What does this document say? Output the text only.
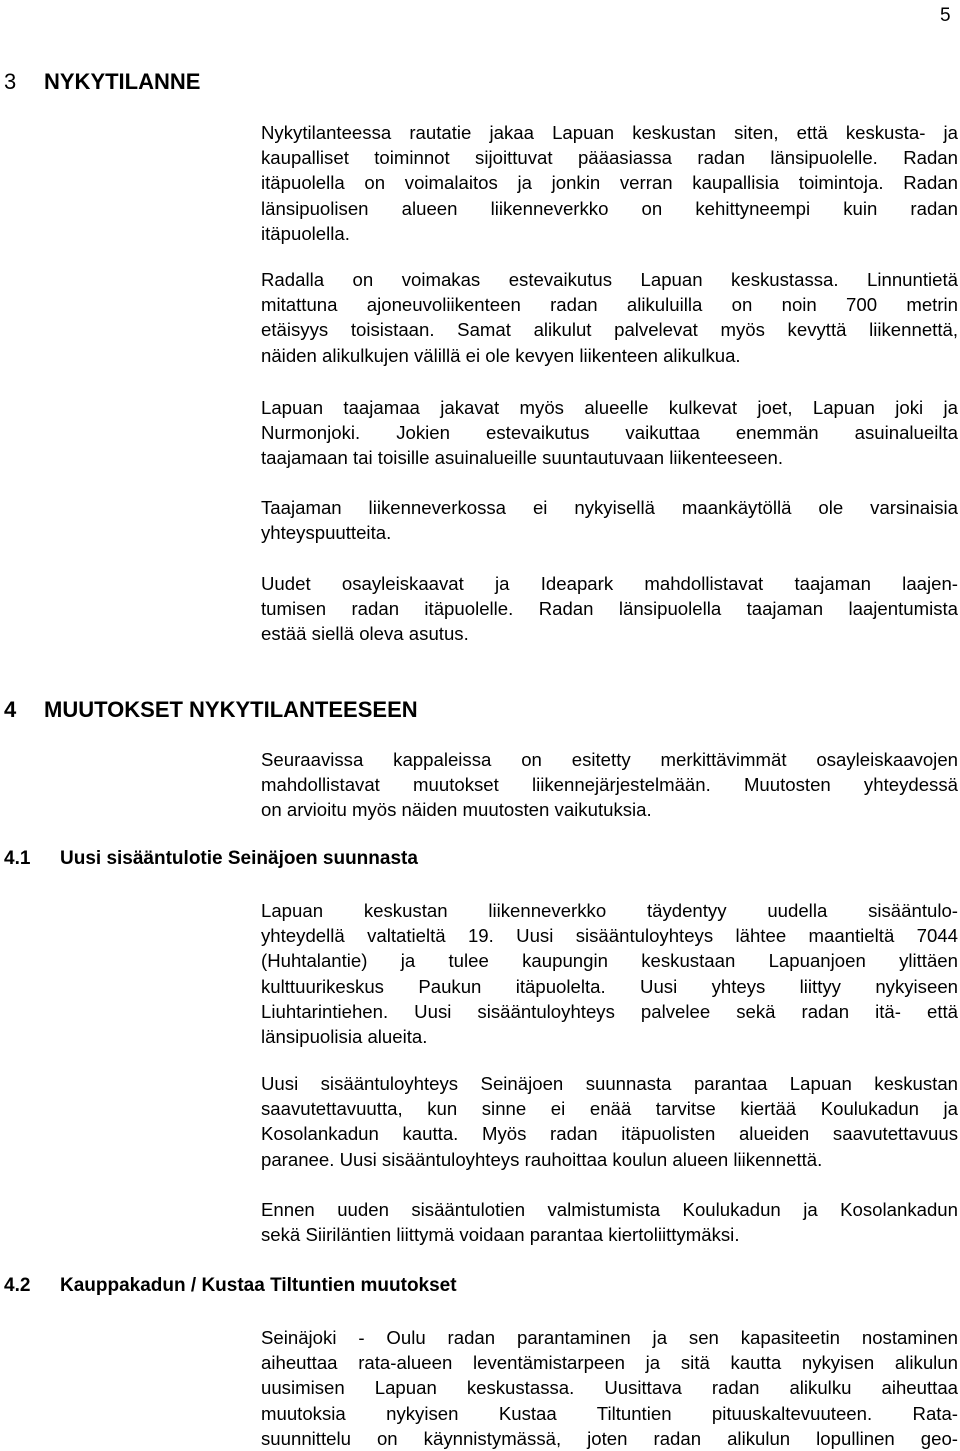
5
3 NYKYTILANNE
Nykytilanteessa rautatie jakaa Lapuan keskustan siten, että keskusta- ja
kaupalliset toiminnot sijoittuvat pääasiassa radan länsipuolelle. Radan
itäpuolella on voimalaitos ja jonkin verran kaupallisia toimintoja. Radan
länsipuolisen alueen liikenneverkko on kehittyneempi kuin radan
itäpuolella.
Radalla on voimakas estevaikutus Lapuan keskustassa. Linnuntietä
mitattuna ajoneuvoliikenteen radan alikuluilla on noin 700 metrin
etäisyys toisistaan. Samat alikulut palvelevat myös kevyttä liikennettä,
näiden alikulkujen välillä ei ole kevyen liikenteen alikulkua.
Lapuan taajamaa jakavat myös alueelle kulkevat joet, Lapuan joki ja
Nurmonjoki. Jokien estevaikutus vaikuttaa enemmän asuinalueilta
taajamaan tai toisille asuinalueille suuntautuvaan liikenteeseen.
Taajaman liikenneverkossa ei nykyisellä maankäytöllä ole varsinaisia
yhteyspuutteita.
Uudet osayleiskaavat ja Ideapark mahdollistavat taajaman laajen-
tumisen radan itäpuolelle. Radan länsipuolella taajaman laajentumista
estää siellä oleva asutus.
4 MUUTOKSET NYKYTILANTEESEEN
Seuraavissa kappaleissa on esitetty merkittävimmät osayleiskaavojen
mahdollistavat muutokset liikennejärjestelmään. Muutosten yhteydessä
on arvioitu myös näiden muutosten vaikutuksia.
4.1 Uusi sisääntulotie Seinäjoen suunnasta
Lapuan keskustan liikenneverkko täydentyy uudella sisääntulo-
yhteydellä valtatieltä 19. Uusi sisääntuloyhteys lähtee maantieltä 7044
(Huhtalantie) ja tulee kaupungin keskustaan Lapuanjoen ylittäen
kulttuurikeskus Paukun itäpuolelta. Uusi yhteys liittyy nykyiseen
Liuhtarintiehen. Uusi sisääntuloyhteys palvelee sekä radan itä- että
länsipuolisia alueita.
Uusi sisääntuloyhteys Seinäjoen suunnasta parantaa Lapuan keskustan
saavutettavuutta, kun sinne ei enää tarvitse kiertää Koulukadun ja
Kosolankadun kautta. Myös radan itäpuolisten alueiden saavutettavuus
paranee. Uusi sisääntuloyhteys rauhoittaa koulun alueen liikennettä.
Ennen uuden sisääntulotien valmistumista Koulukadun ja Kosolankadun
sekä Siiriläntien liittymä voidaan parantaa kiertoliittymäksi.
4.2 Kauppakadun / Kustaa Tiltuntien muutokset
Seinäjoki - Oulu radan parantaminen ja sen kapasiteetin nostaminen
aiheuttaa rata-alueen leventämistarpeen ja sitä kautta nykyisen alikulun
uusimisen Lapuan keskustassa. Uusittava radan alikulku aiheuttaa
muutoksia nykyisen Kustaa Tiltuntien pituuskaltevuuteen. Rata-
suunnittelu on käynnistymässä, joten radan alikulun lopullinen geo-
